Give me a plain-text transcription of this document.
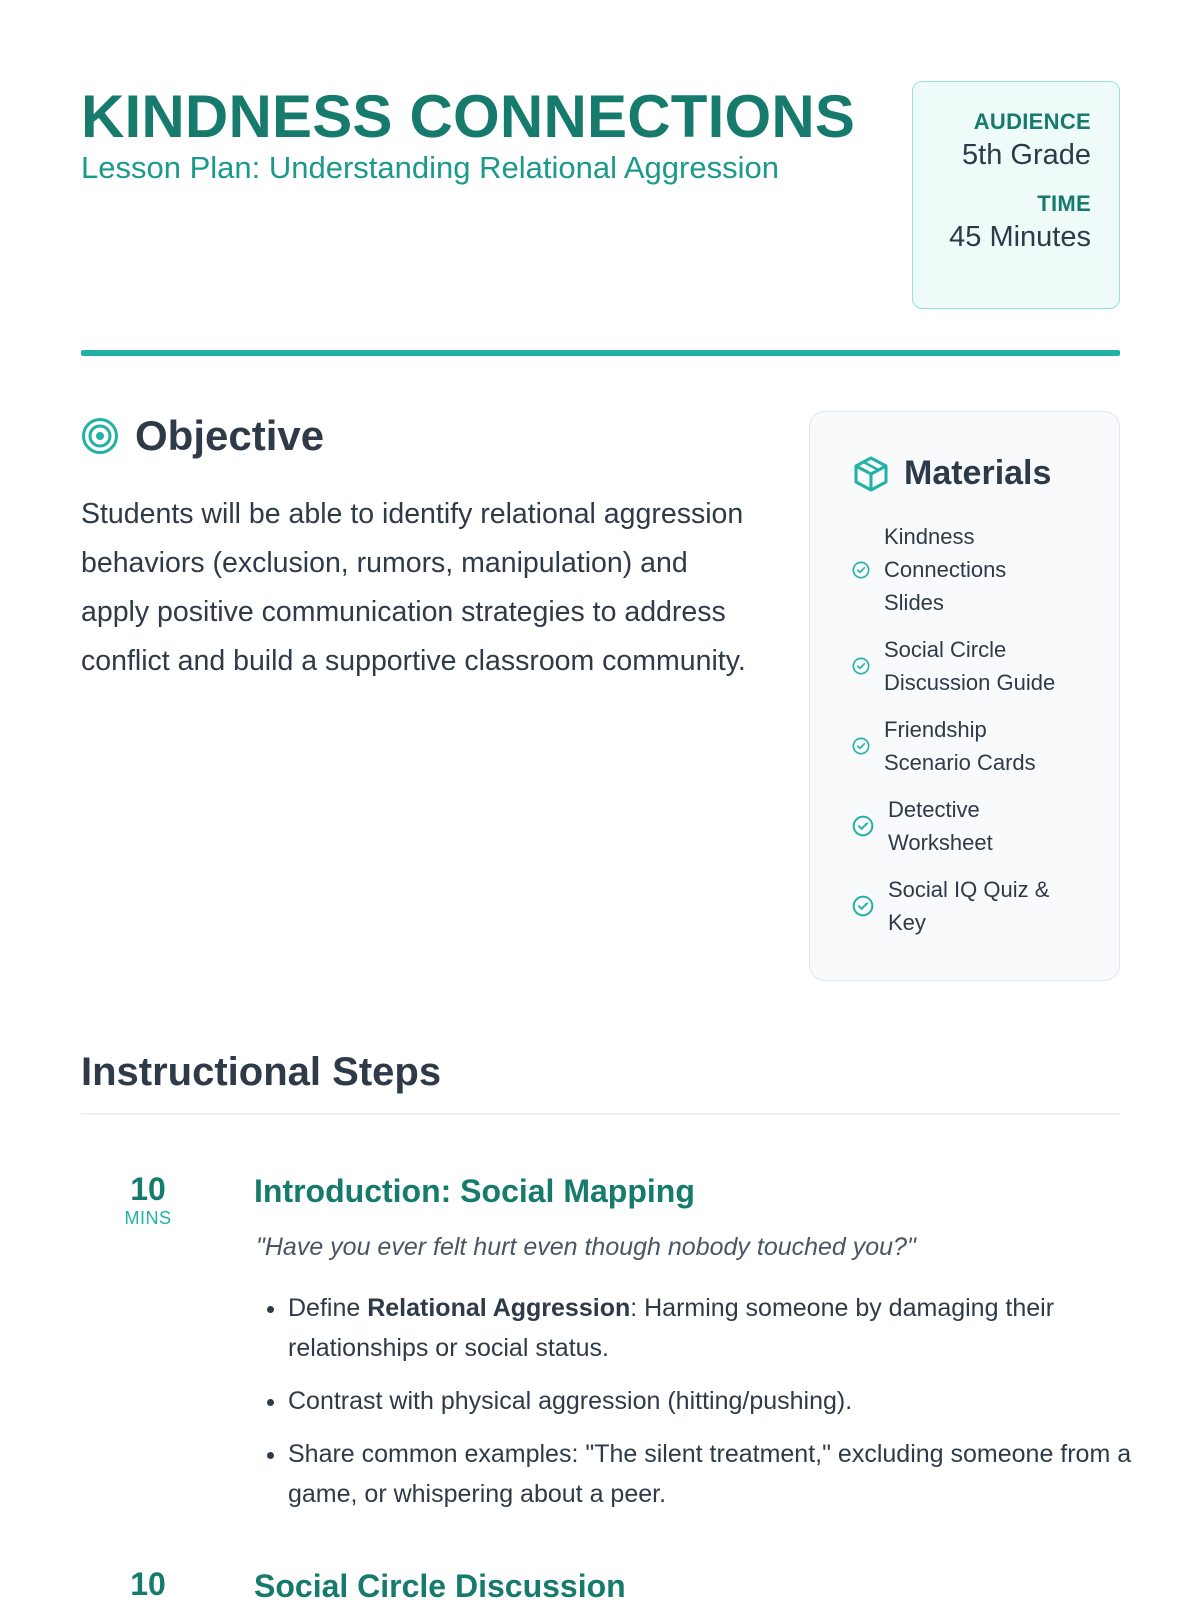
KINDNESS CONNECTIONS
Lesson Plan: Understanding Relational Aggression
AUDIENCE
5th Grade
TIME
45 Minutes
Objective

Students will be able to identify relational aggression behaviors (exclusion, rumors, manipulation) and apply positive communication strategies to address conflict and build a supportive classroom community.

Materials
Kindness Connections Slides
Social Circle Discussion Guide
Friendship Scenario Cards
Detective Worksheet
Social IQ Quiz & Key
Instructional Steps
10
MINS
Introduction: Social Mapping

"Have you ever felt hurt even though nobody touched you?"

• Define Relational Aggression: Harming someone by damaging their relationships or social status.
• Contrast with physical aggression (hitting/pushing).
• Share common examples: "The silent treatment," excluding someone from a game, or whispering about a peer.
10	Social Circle Discussion
